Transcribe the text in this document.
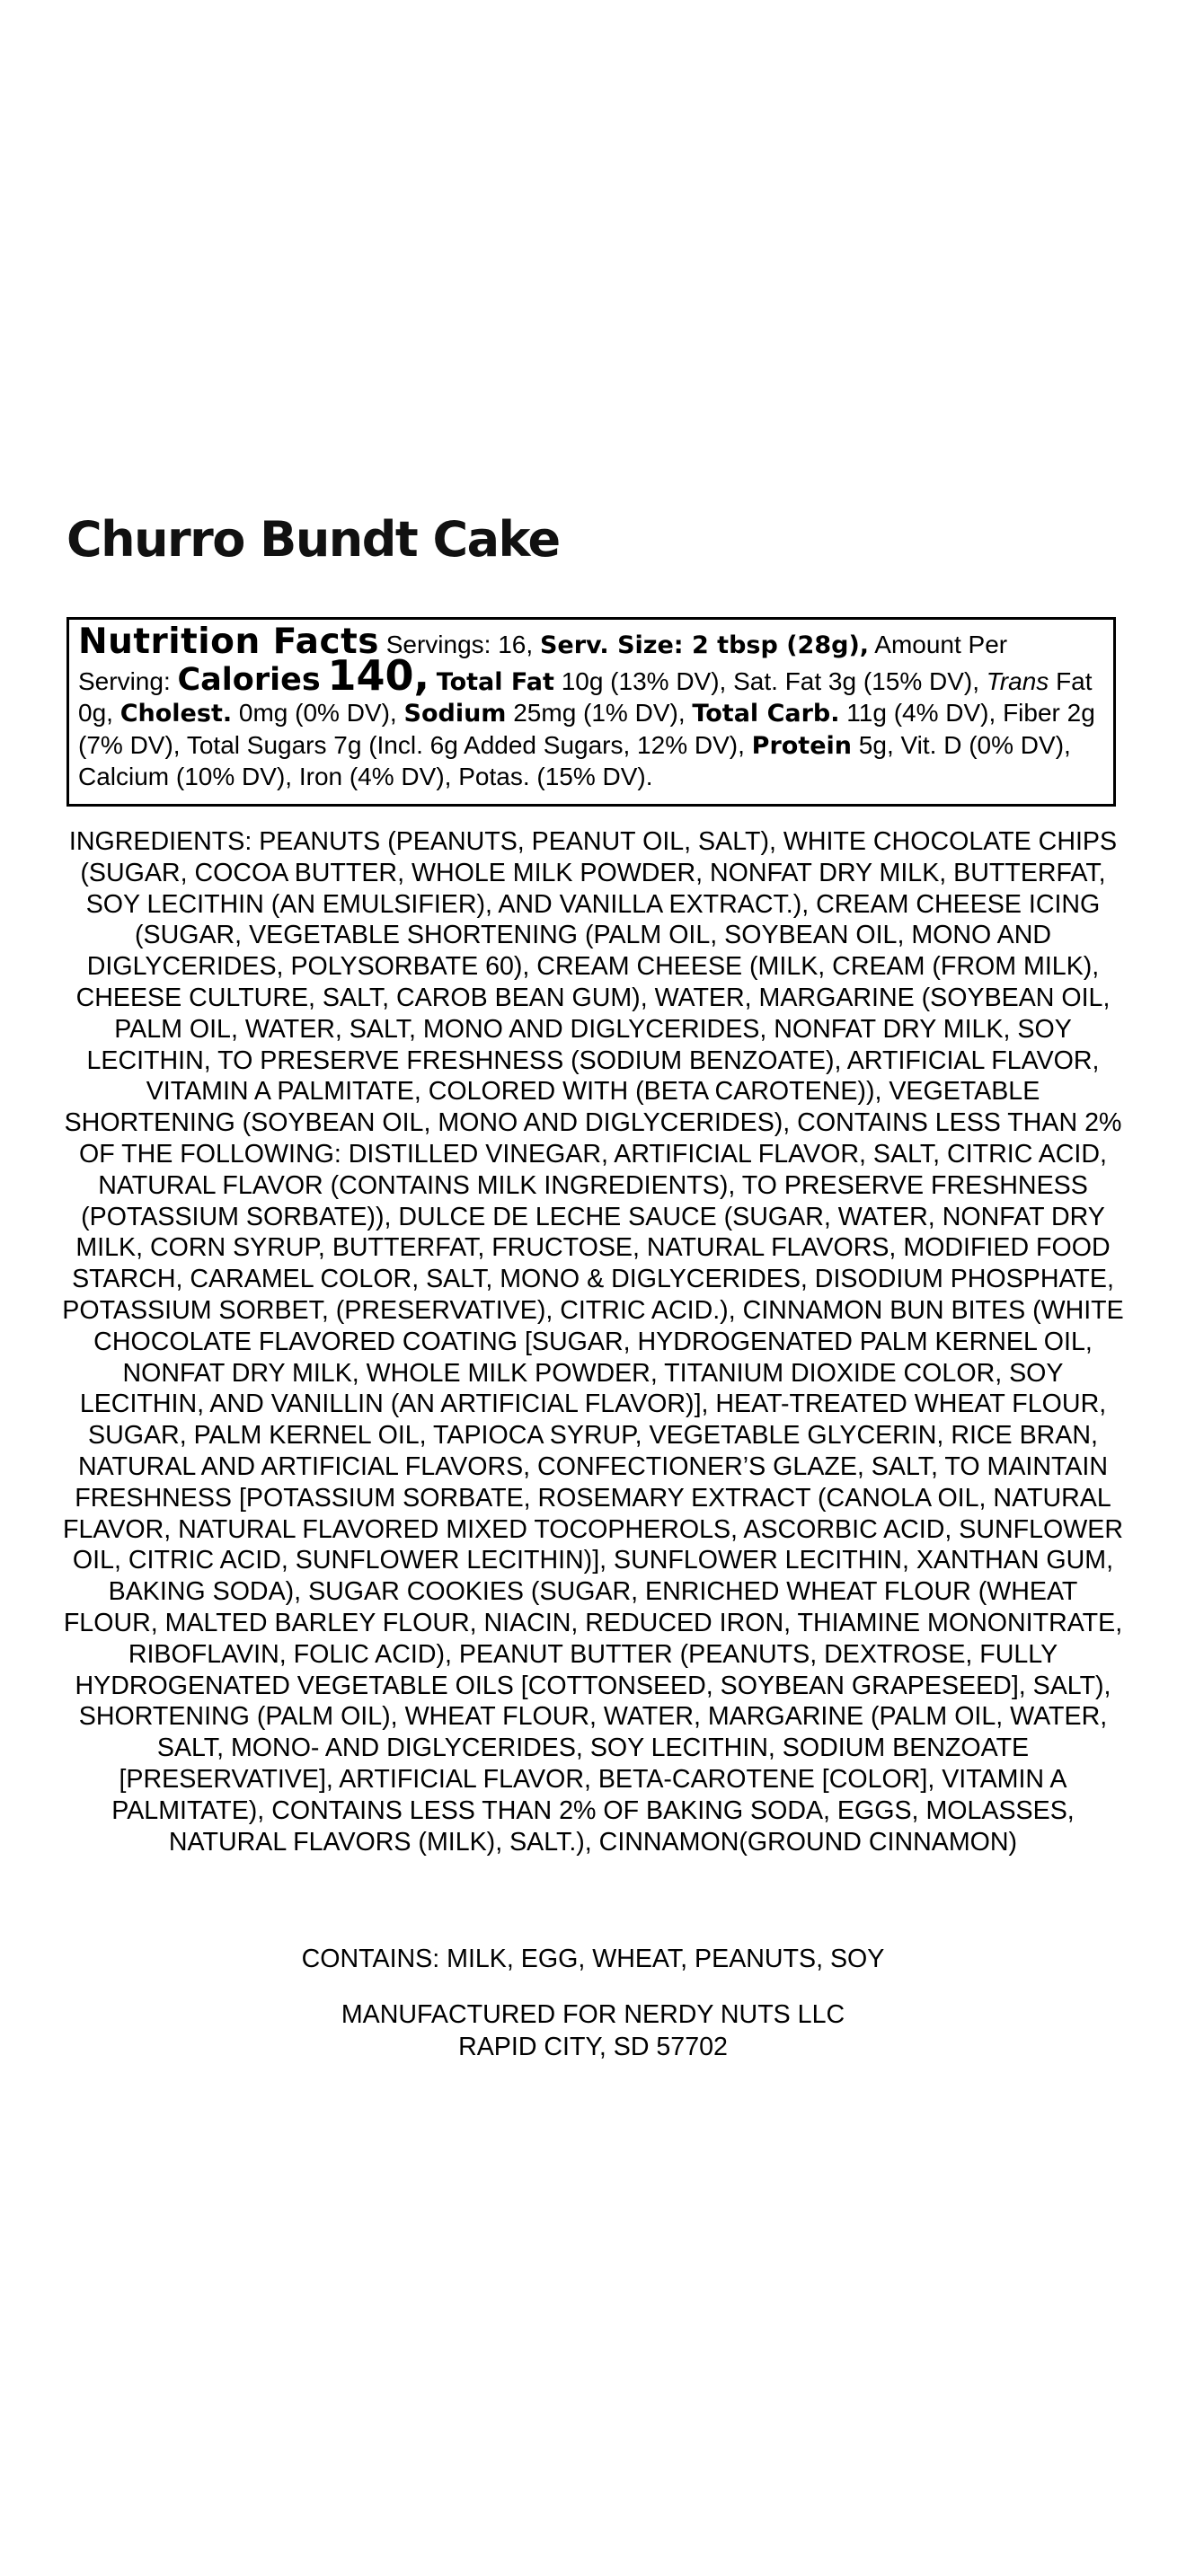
Churro Bundt Cake
Nutrition Facts Servings: 16, Serv. Size: 2 tbsp (28g), Amount Per Serving: Calories 140, Total Fat 10g (13% DV), Sat. Fat 3g (15% DV), Trans Fat 0g, Cholest. 0mg (0% DV), Sodium 25mg (1% DV), Total Carb. 11g (4% DV), Fiber 2g (7% DV), Total Sugars 7g (Incl. 6g Added Sugars, 12% DV), Protein 5g, Vit. D (0% DV), Calcium (10% DV), Iron (4% DV), Potas. (15% DV).

INGREDIENTS: PEANUTS (PEANUTS, PEANUT OIL, SALT), WHITE CHOCOLATE CHIPS (SUGAR, COCOA BUTTER, WHOLE MILK POWDER, NONFAT DRY MILK, BUTTERFAT, SOY LECITHIN (AN EMULSIFIER), AND VANILLA EXTRACT.), CREAM CHEESE ICING (SUGAR, VEGETABLE SHORTENING (PALM OIL, SOYBEAN OIL, MONO AND DIGLYCERIDES, POLYSORBATE 60), CREAM CHEESE (MILK, CREAM (FROM MILK), CHEESE CULTURE, SALT, CAROB BEAN GUM), WATER, MARGARINE (SOYBEAN OIL, PALM OIL, WATER, SALT, MONO AND DIGLYCERIDES, NONFAT DRY MILK, SOY LECITHIN, TO PRESERVE FRESHNESS (SODIUM BENZOATE), ARTIFICIAL FLAVOR, VITAMIN A PALMITATE, COLORED WITH (BETA CAROTENE)), VEGETABLE SHORTENING (SOYBEAN OIL, MONO AND DIGLYCERIDES), CONTAINS LESS THAN 2% OF THE FOLLOWING: DISTILLED VINEGAR, ARTIFICIAL FLAVOR, SALT, CITRIC ACID, NATURAL FLAVOR (CONTAINS MILK INGREDIENTS), TO PRESERVE FRESHNESS (POTASSIUM SORBATE)), DULCE DE LECHE SAUCE (SUGAR, WATER, NONFAT DRY MILK, CORN SYRUP, BUTTERFAT, FRUCTOSE, NATURAL FLAVORS, MODIFIED FOOD STARCH, CARAMEL COLOR, SALT, MONO & DIGLYCERIDES, DISODIUM PHOSPHATE, POTASSIUM SORBET, (PRESERVATIVE), CITRIC ACID.), CINNAMON BUN BITES (WHITE CHOCOLATE FLAVORED COATING [SUGAR, HYDROGENATED PALM KERNEL OIL, NONFAT DRY MILK, WHOLE MILK POWDER, TITANIUM DIOXIDE COLOR, SOY LECITHIN, AND VANILLIN (AN ARTIFICIAL FLAVOR)], HEAT-TREATED WHEAT FLOUR, SUGAR, PALM KERNEL OIL, TAPIOCA SYRUP, VEGETABLE GLYCERIN, RICE BRAN, NATURAL AND ARTIFICIAL FLAVORS, CONFECTIONER’S GLAZE, SALT, TO MAINTAIN FRESHNESS [POTASSIUM SORBATE, ROSEMARY EXTRACT (CANOLA OIL, NATURAL FLAVOR, NATURAL FLAVORED MIXED TOCOPHEROLS, ASCORBIC ACID, SUNFLOWER OIL, CITRIC ACID, SUNFLOWER LECITHIN)], SUNFLOWER LECITHIN, XANTHAN GUM, BAKING SODA), SUGAR COOKIES (SUGAR, ENRICHED WHEAT FLOUR (WHEAT FLOUR, MALTED BARLEY FLOUR, NIACIN, REDUCED IRON, THIAMINE MONONITRATE, RIBOFLAVIN, FOLIC ACID), PEANUT BUTTER (PEANUTS, DEXTROSE, FULLY HYDROGENATED VEGETABLE OILS [COTTONSEED, SOYBEAN GRAPESEED], SALT), SHORTENING (PALM OIL), WHEAT FLOUR, WATER, MARGARINE (PALM OIL, WATER, SALT, MONO- AND DIGLYCERIDES, SOY LECITHIN, SODIUM BENZOATE [PRESERVATIVE], ARTIFICIAL FLAVOR, BETA-CAROTENE [COLOR], VITAMIN A PALMITATE), CONTAINS LESS THAN 2% OF BAKING SODA, EGGS, MOLASSES, NATURAL FLAVORS (MILK), SALT.), CINNAMON(GROUND CINNAMON)

CONTAINS: MILK, EGG, WHEAT, PEANUTS, SOY

MANUFACTURED FOR NERDY NUTS LLC
RAPID CITY, SD 57702
